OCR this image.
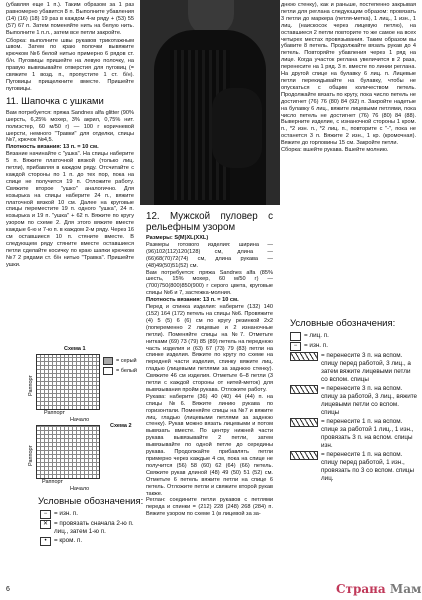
(убавляя еще 1 п.). Таким образом за 1 раз равномерно убавится 8 п. Выполните убавления (14) (16) (18) 19 раз в каждом 4-м ряду + (53) 55 (57) 67 п. Затем поменяйте нить на белую нить. Выполните 1 п.л., затем все петли закройте.

Сборка: выполните швы рукавов трикотажным швом. Затем по краю полочки вывяжите крючком №6 белой нитью примерно 6 рядов ст. б/н. Пуговицы пришейте на левую полочку, на правую вывязывайте отверстия для пуговиц (= свяжите 1 возд. п., пропустите 1 ст. б/н). Пуговицы прищелкните вместе. Пришейте пуговицы.

11. Шапочка с ушками

Вам потребуется: пряжа Sandnes alfa glitter (90% шерсть, 6,25% мохер, 3% акрил, 0,75% нит. полиэстер, 60 м/50 г) — 100 г коричневой шерсти, немного "Травки" для отделки, спицы №7, крючок №4,5.

Плотность вязания: 13 п. = 10 см.

Вязание начинайте с "ушка". На спицы наберите 5 п. Вяжите платочной вязкой (только лиц. петли), прибавляя в каждом ряду. Отсчитайте с каждой стороны по 1 п. до тех пор, пока на спице не получится 19 п. Отложите работу. Свяжите второе "ушко" аналогично. Для козырька на спицы наберите 24 п., вяжите платочной вязкой 10 см. Далее на круговые спицы переместите 19 п. одного "ушка", 24 п. козырька и 19 п. "ушка" + 62 п. Вяжите по кругу узором по схеме 2. Для этого вяжите вместе каждые 6-ю и 7-ю п. в каждом 2-м ряду. Через 16 см оставшиеся 10 п. стяните вместе. В следующем ряду стяните вместе оставшиеся петли сделайте косичку по краю шапки крючком №7 2 рядами ст. б/н нитью "Травка". Пришейте ушки.

12. Мужской пуловер с рельефным узором

Размеры: S(M)XL(XXL)

Размеры готового изделия: ширина — (96)102(112)120(128) см, длина — (66)68(70)72(74) см, длина рукава — (48)49(50)51(52) см.

Вам потребуется: пряжа Sandnes alfa (85% шесть, 15% мохер, 60 м/50 г) — (700)750(800)850(900) г серого цвета, круговые спицы №6 и 7, застежка-молния.

Плотность вязания: 13 п. = 10 см.

Перед и спинка изделия: наберите (132) 140 (152) 164 (172) петель на спицы №6. Провяжите (4) 5 (5) 6 (6) см по кругу резинкой 2x2 (попеременно 2 лицевые и 2 изнаночные петли). Поменяйте спицы на №7. Отметьте нитками (69) 73 (79) 85 (89) петель на переднюю часть изделия и (63) 67 (73) 79 (83) петли на спинке изделия. Вяжите по кругу по схеме на передней части изделия, спинку вяжите лиц. гладью (лицевыми петлями за заднюю стенку). Свяжите 46 см изделия. Отметьте 6–8 петли (3 петли с каждой стороны от нитей-меток) для вывязывания пройм рукава. Отложите работу.

Рукава: наберите (36) 40 (40) 44 (44) п. на спицы №6. Вяжите линию рукава по горизонтали. Поменяйте спицы на №7 и вяжите лиц. гладью (лицевыми петлями за заднюю стенку). Рукав можно вязать лицевыми и потом вывязать вместе. По центру нижней части рукава вывязывайте 2 петли, затем вывязывайте по одной петле до середины рукава. Продолжайте прибавлять петли примерно через каждые 4 см, пока на спице не получится (56) 58 (60) 62 (64) (66) петель. Свяжите рукав длиной (48) 49 (50) 51 (52) см. Отметьте 6 петель вяжите петли на спице 6 петель. Отложите петли и свяжите второй рукав также.

Реглан: соедините петли рукавов с петлями переда и спинки = (212) 228 (248) 268 (284) п. Вяжите узором по схеме 1 (в лицевой за за-

днюю стенку), как и раньше, постепенно закрывая петли для реглана следующим образом: провязать 3 петли до маркера (петля-метка), 1 лиц., 1 изн., 1 лиц. (наискосок через лицевую петлю), на оставшиеся 2 петли повторите то же самое на всех четырех местах провязывания. Таким образом вы убавите 8 петель. Продолжайте вязать рукав до 4 петель. Повторяйте убавления через 1 ряд на лице. Когда участок реглана увеличится в 2 раза, перенесите на 1 ряд. 3 п. вместе по линии реглана. На другой спице на булавку 6 лиц. п. Лицевые петли перекидывайте на булавку, чтобы не опускаться с общим количеством петель. Продолжайте вязать по кругу, пока число петель не достигнет (76) 76 (80) 84 (92) п. Закройте надетые на булавку 6 лиц., вяжите лицевыми петлями, пока число петель не достигнет (76) 76 (80) 84 (88). Выверните изделие, с изнаночной стороны 1 кром. п., *2 изн. п., *2 лиц. п., повторите с "-", пока не останется 3 п. Вяжите 2 изн., 1 кр. (кромочная). Вяжите до горловины 15 см. Закройте петли.

Сборка: вшейте рукава. Вшейте молнию.

Схема 1
Раппорт
Раппорт
Начало
= серый
= белый
Схема 2
Раппорт
Раппорт
Начало
Условные обозначения:
−	= изн. п.
✕ = провязать сначала 2-ю п. лиц., затем 1-ю п.
•	= кром. п.
Условные обозначения:
= лиц. п.
−	= изн. п.
= перенесите 3 п. на вспом. спицу перед работой, 3 лиц., а затем вяжите лицевыми петли со вспом. спицы
= перенесите 3 п. на вспом. спицу за работой, 3 лиц., вяжите лицевыми петли со вспом. спицы
= перенесите 1 п. на вспом. спице за работой 1 лиц., 1 изн., провязать 3 п. на вспом. спицы изн.
= перенесите 1 п. на вспом. спицу перед работой, 1 изн., провязать по 3 со вспом. спицы лиц.
6	Страна Мам
